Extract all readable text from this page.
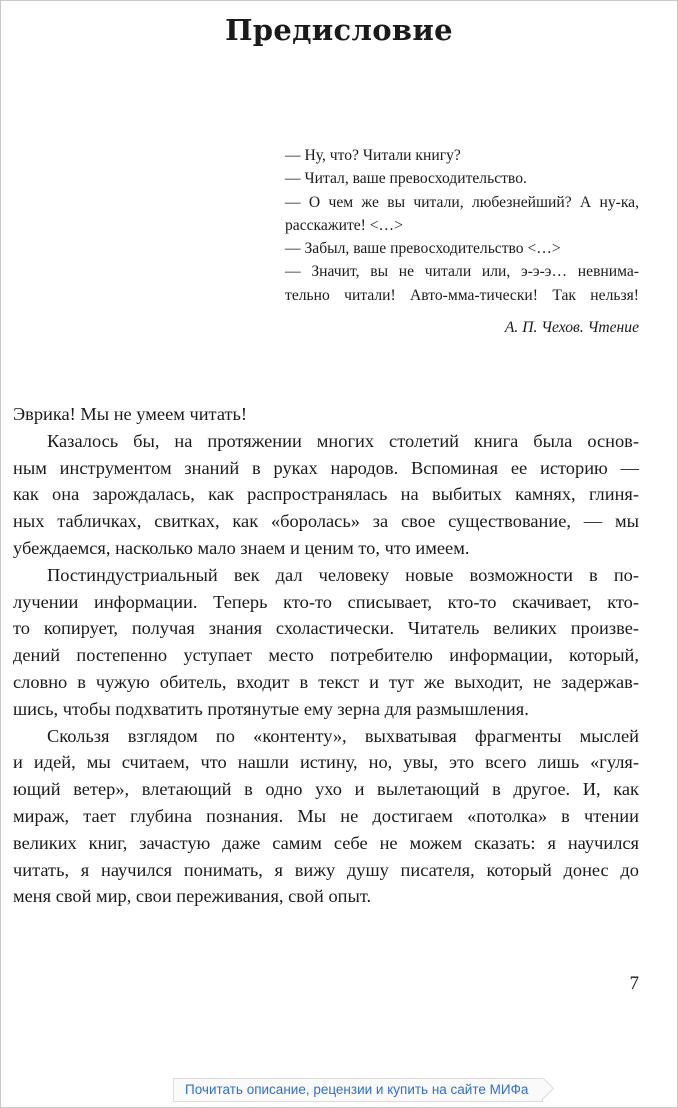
Предисловие
— Ну, что? Читали книгу?
— Читал, ваше превосходительство.
— О чем же вы читали, любезнейший? А ну-ка,
расскажите! <…>
— Забыл, ваше превосходительство <…>
— Значит, вы не читали или, э-э-э… невнима-
тельно читали! Авто-мма-тически! Так нельзя!
А. П. Чехов. Чтение
Эврика! Мы не умеем читать!
Казалось бы, на протяжении многих столетий книга была основ-
ным инструментом знаний в руках народов. Вспоминая ее историю —
как она зарождалась, как распространялась на выбитых камнях, глиня-
ных табличках, свитках, как «боролась» за свое существование, — мы
убеждаемся, насколько мало знаем и ценим то, что имеем.
Постиндустриальный век дал человеку новые возможности в по-
лучении информации. Теперь кто-то списывает, кто-то скачивает, кто-
то копирует, получая знания схоластически. Читатель великих произве-
дений постепенно уступает место потребителю информации, который,
словно в чужую обитель, входит в текст и тут же выходит, не задержав-
шись, чтобы подхватить протянутые ему зерна для размышления.
Скользя взглядом по «контенту», выхватывая фрагменты мыслей
и идей, мы считаем, что нашли истину, но, увы, это всего лишь «гуля-
ющий ветер», влетающий в одно ухо и вылетающий в другое. И, как
мираж, тает глубина познания. Мы не достигаем «потолка» в чтении
великих книг, зачастую даже самим себе не можем сказать: я научился
читать, я научился понимать, я вижу душу писателя, который донес до
меня свой мир, свои переживания, свой опыт.
7
Почитать описание, рецензии и купить на сайте МИФа
